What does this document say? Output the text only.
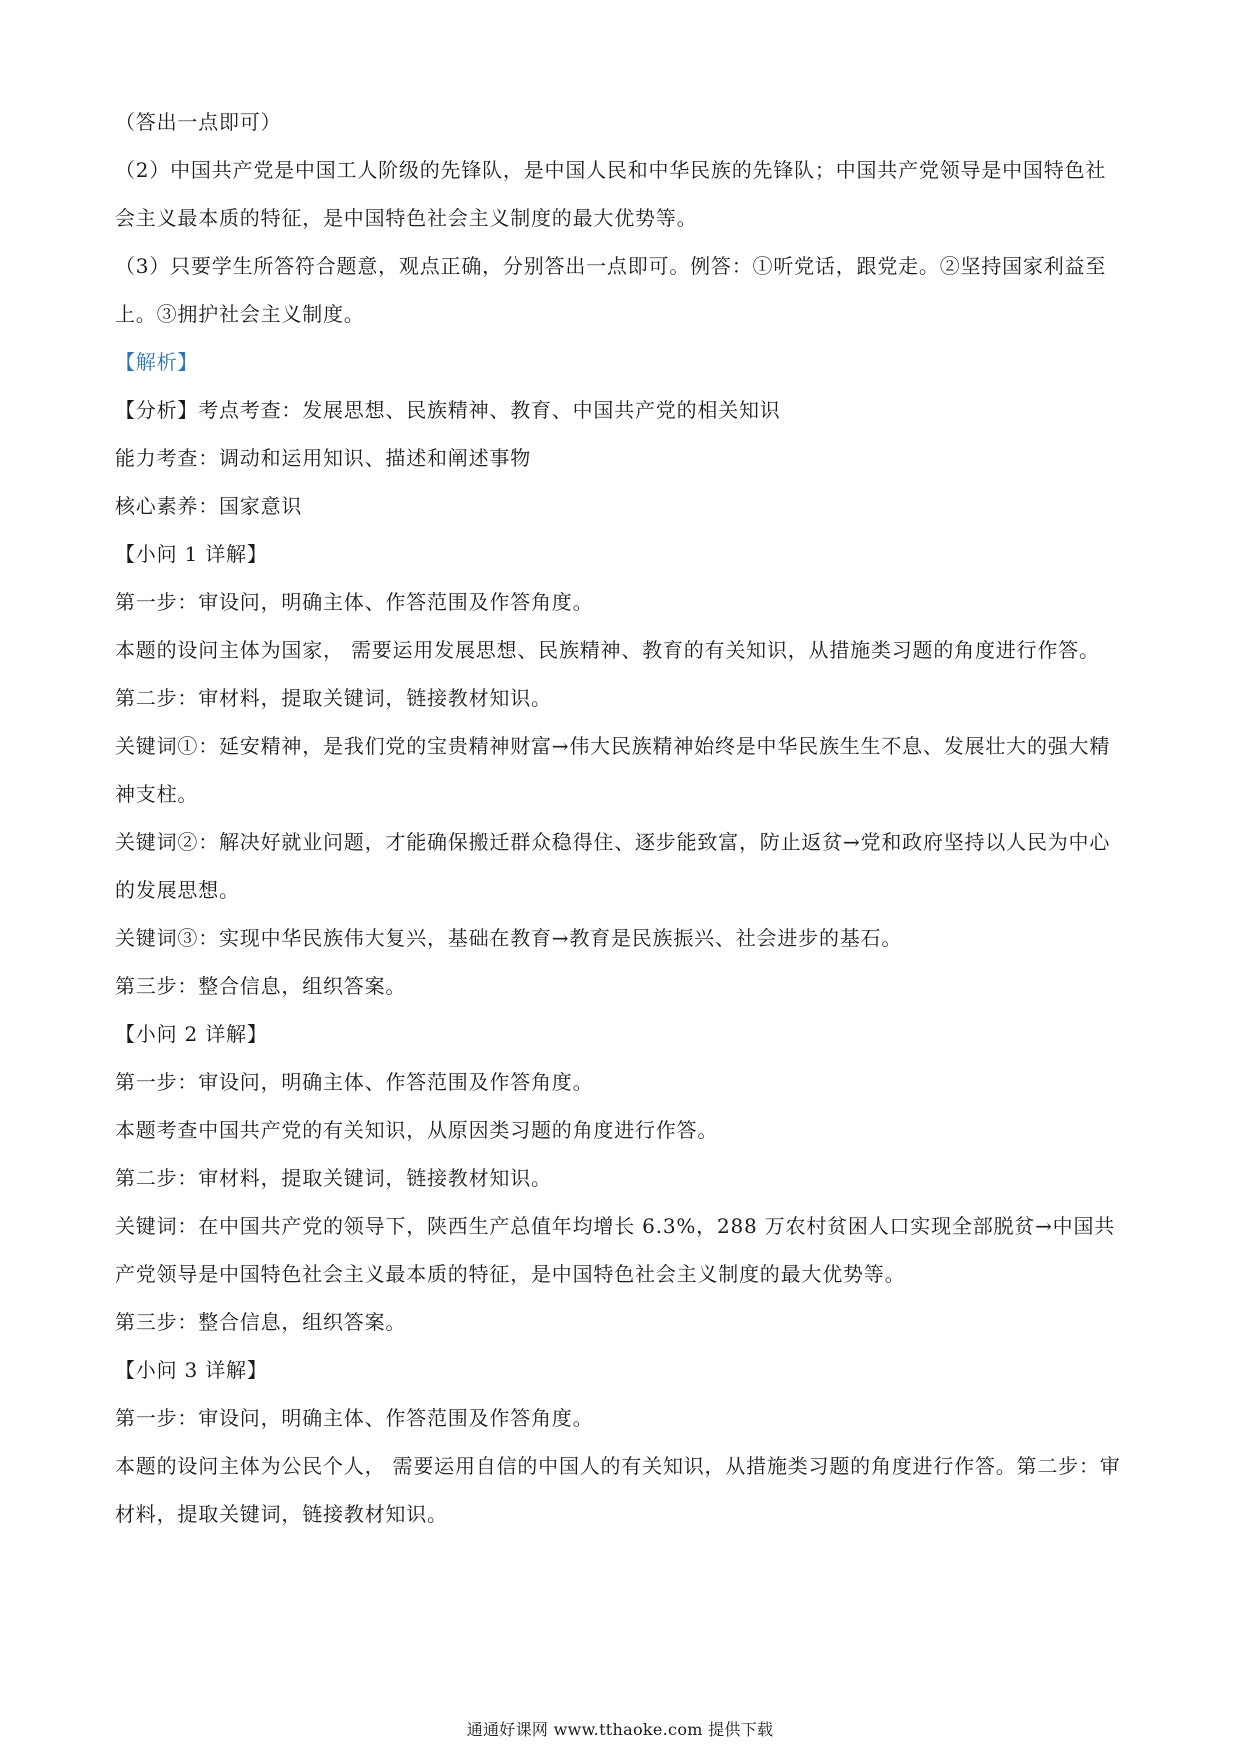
（答出一点即可）

（2）中国共产党是中国工人阶级的先锋队，是中国人民和中华民族的先锋队；中国共产党领导是中国特色社会主义最本质的特征，是中国特色社会主义制度的最大优势等。

（3）只要学生所答符合题意，观点正确，分别答出一点即可。例答：①听党话，跟党走。②坚持国家利益至上。③拥护社会主义制度。

【解析】

【分析】考点考查：发展思想、民族精神、教育、中国共产党的相关知识

能力考查：调动和运用知识、描述和阐述事物

核心素养：国家意识

【小问 1 详解】

第一步：审设问，明确主体、作答范围及作答角度。

本题的设问主体为国家， 需要运用发展思想、民族精神、教育的有关知识，从措施类习题的角度进行作答。

第二步：审材料，提取关键词，链接教材知识。

关键词①：延安精神，是我们党的宝贵精神财富→伟大民族精神始终是中华民族生生不息、发展壮大的强大精神支柱。

关键词②：解决好就业问题，才能确保搬迁群众稳得住、逐步能致富，防止返贫→党和政府坚持以人民为中心的发展思想。

关键词③：实现中华民族伟大复兴，基础在教育→教育是民族振兴、社会进步的基石。

第三步：整合信息，组织答案。

【小问 2 详解】

第一步：审设问，明确主体、作答范围及作答角度。

本题考查中国共产党的有关知识，从原因类习题的角度进行作答。

第二步：审材料，提取关键词，链接教材知识。

关键词：在中国共产党的领导下，陕西生产总值年均增长 6.3%，288 万农村贫困人口实现全部脱贫→中国共产党领导是中国特色社会主义最本质的特征，是中国特色社会主义制度的最大优势等。

第三步：整合信息，组织答案。

【小问 3 详解】

第一步：审设问，明确主体、作答范围及作答角度。

本题的设问主体为公民个人， 需要运用自信的中国人的有关知识，从措施类习题的角度进行作答。第二步：审材料，提取关键词，链接教材知识。

通通好课网 www.tthaoke.com 提供下载
